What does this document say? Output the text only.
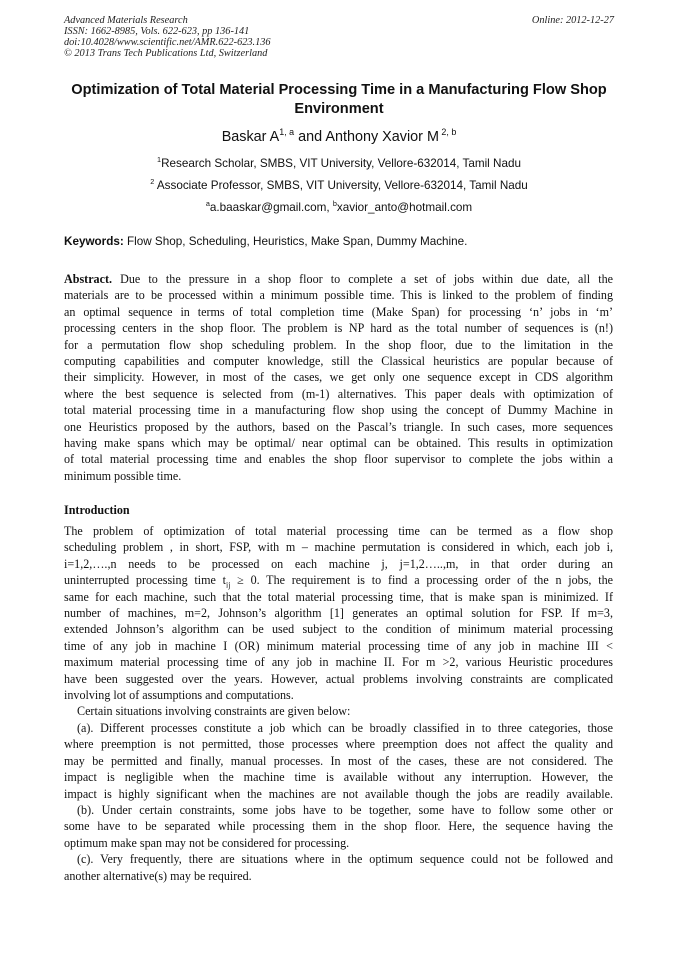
Advanced Materials Research
ISSN: 1662-8985, Vols. 622-623, pp 136-141
doi:10.4028/www.scientific.net/AMR.622-623.136
© 2013 Trans Tech Publications Ltd, Switzerland
Online: 2012-12-27
Optimization of Total Material Processing Time in a Manufacturing Flow Shop Environment
Baskar A$^{1, a}$ and Anthony Xavior M $^{2, b}$
$^1$Research Scholar, SMBS, VIT University, Vellore-632014, Tamil Nadu
$^2$ Associate Professor, SMBS, VIT University, Vellore-632014, Tamil Nadu
$^a$a.baaskar@gmail.com, $^b$xavior_anto@hotmail.com
Keywords: Flow Shop, Scheduling, Heuristics, Make Span, Dummy Machine.
Abstract. Due to the pressure in a shop floor to complete a set of jobs within due date, all the
materials are to be processed within a minimum possible time. This is linked to the problem of finding
an optimal sequence in terms of total completion time (Make Span) for processing ‘n’ jobs in ‘m’
processing centers in the shop floor. The problem is NP hard as the total number of sequences is (n!)
for a permutation flow shop scheduling problem. In the shop floor, due to the limitation in the
computing capabilities and computer knowledge, still the Classical heuristics are popular because of
their simplicity. However, in most of the cases, we get only one sequence except in CDS algorithm
where the best sequence is selected from (m-1) alternatives. This paper deals with optimization of
total material processing time in a manufacturing flow shop using the concept of Dummy Machine in
one Heuristics proposed by the authors, based on the Pascal’s triangle. In such cases, more sequences
having make spans which may be optimal/ near optimal can be obtained. This results in optimization
of total material processing time and enables the shop floor supervisor to complete the jobs within a
minimum possible time.
Introduction
The problem of optimization of total material processing time can be termed as a flow shop
scheduling problem , in short, FSP, with m – machine permutation is considered in which, each job i,
i=1,2,….,n needs to be processed on each machine j, j=1,2…..,m, in that order during an
uninterrupted processing time $t_{ij} \ge 0$. The requirement is to find a processing order of the n jobs, the
same for each machine, such that the total material processing time, that is make span is minimized. If
number of machines, m=2, Johnson’s algorithm [1] generates an optimal solution for FSP. If m=3,
extended Johnson’s algorithm can be used subject to the condition of minimum material processing
time of any job in machine I (OR) minimum material processing time of any job in machine III <
maximum material processing time of any job in machine II. For m >2, various Heuristic procedures
have been suggested over the years. However, actual problems involving constraints are complicated
involving lot of assumptions and computations.
Certain situations involving constraints are given below:
(a). Different processes constitute a job which can be broadly classified in to three categories, those
where preemption is not permitted, those processes where preemption does not affect the quality and
may be permitted and finally, manual processes. In most of the cases, these are not considered. The
impact is negligible when the machine time is available without any interruption. However, the
impact is highly significant when the machines are not available though the jobs are readily available.
(b). Under certain constraints, some jobs have to be together, some have to follow some other or
some have to be separated while processing them in the shop floor. Here, the sequence having the
optimum make span may not be considered for processing.
(c). Very frequently, there are situations where in the optimum sequence could not be followed and
another alternative(s) may be required.
